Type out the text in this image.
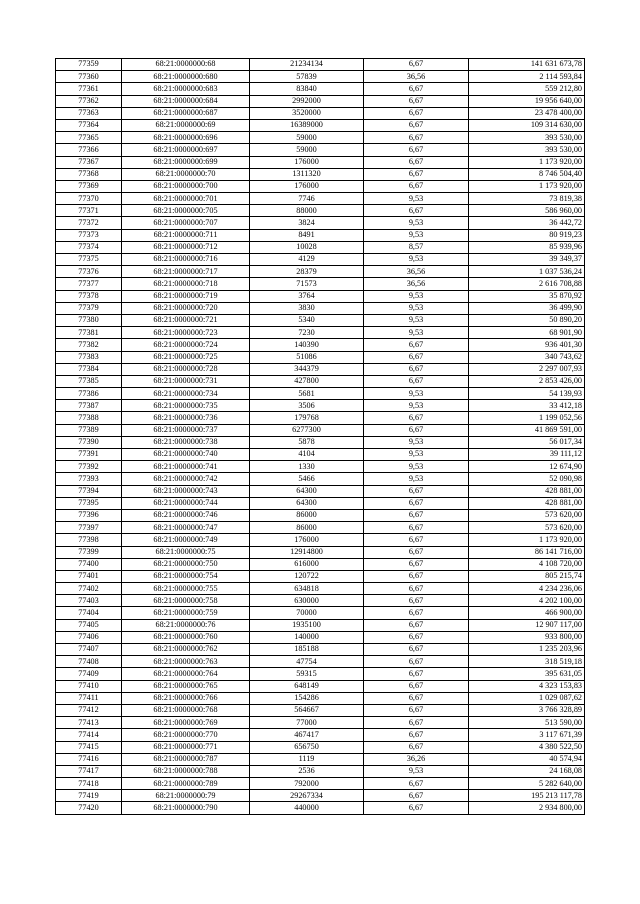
77359	68:21:0000000:68	21234134	6,67	141 631 673,78
77360	68:21:0000000:680	57839	36,56	2 114 593,84
77361	68:21:0000000:683	83840	6,67	559 212,80
77362	68:21:0000000:684	2992000	6,67	19 956 640,00
77363	68:21:0000000:687	3520000	6,67	23 478 400,00
77364	68:21:0000000:69	16389000	6,67	109 314 630,00
77365	68:21:0000000:696	59000	6,67	393 530,00
77366	68:21:0000000:697	59000	6,67	393 530,00
77367	68:21:0000000:699	176000	6,67	1 173 920,00
77368	68:21:0000000:70	1311320	6,67	8 746 504,40
77369	68:21:0000000:700	176000	6,67	1 173 920,00
77370	68:21:0000000:701	7746	9,53	73 819,38
77371	68:21:0000000:705	88000	6,67	586 960,00
77372	68:21:0000000:707	3824	9,53	36 442,72
77373	68:21:0000000:711	8491	9,53	80 919,23
77374	68:21:0000000:712	10028	8,57	85 939,96
77375	68:21:0000000:716	4129	9,53	39 349,37
77376	68:21:0000000:717	28379	36,56	1 037 536,24
77377	68:21:0000000:718	71573	36,56	2 616 708,88
77378	68:21:0000000:719	3764	9,53	35 870,92
77379	68:21:0000000:720	3830	9,53	36 499,90
77380	68:21:0000000:721	5340	9,53	50 890,20
77381	68:21:0000000:723	7230	9,53	68 901,90
77382	68:21:0000000:724	140390	6,67	936 401,30
77383	68:21:0000000:725	51086	6,67	340 743,62
77384	68:21:0000000:728	344379	6,67	2 297 007,93
77385	68:21:0000000:731	427800	6,67	2 853 426,00
77386	68:21:0000000:734	5681	9,53	54 139,93
77387	68:21:0000000:735	3506	9,53	33 412,18
77388	68:21:0000000:736	179768	6,67	1 199 052,56
77389	68:21:0000000:737	6277300	6,67	41 869 591,00
77390	68:21:0000000:738	5878	9,53	56 017,34
77391	68:21:0000000:740	4104	9,53	39 111,12
77392	68:21:0000000:741	1330	9,53	12 674,90
77393	68:21:0000000:742	5466	9,53	52 090,98
77394	68:21:0000000:743	64300	6,67	428 881,00
77395	68:21:0000000:744	64300	6,67	428 881,00
77396	68:21:0000000:746	86000	6,67	573 620,00
77397	68:21:0000000:747	86000	6,67	573 620,00
77398	68:21:0000000:749	176000	6,67	1 173 920,00
77399	68:21:0000000:75	12914800	6,67	86 141 716,00
77400	68:21:0000000:750	616000	6,67	4 108 720,00
77401	68:21:0000000:754	120722	6,67	805 215,74
77402	68:21:0000000:755	634818	6,67	4 234 236,06
77403	68:21:0000000:758	630000	6,67	4 202 100,00
77404	68:21:0000000:759	70000	6,67	466 900,00
77405	68:21:0000000:76	1935100	6,67	12 907 117,00
77406	68:21:0000000:760	140000	6,67	933 800,00
77407	68:21:0000000:762	185188	6,67	1 235 203,96
77408	68:21:0000000:763	47754	6,67	318 519,18
77409	68:21:0000000:764	59315	6,67	395 631,05
77410	68:21:0000000:765	648149	6,67	4 323 153,83
77411	68:21:0000000:766	154286	6,67	1 029 087,62
77412	68:21:0000000:768	564667	6,67	3 766 328,89
77413	68:21:0000000:769	77000	6,67	513 590,00
77414	68:21:0000000:770	467417	6,67	3 117 671,39
77415	68:21:0000000:771	656750	6,67	4 380 522,50
77416	68:21:0000000:787	1119	36,26	40 574,94
77417	68:21:0000000:788	2536	9,53	24 168,08
77418	68:21:0000000:789	792000	6,67	5 282 640,00
77419	68:21:0000000:79	29267334	6,67	195 213 117,78
77420	68:21:0000000:790	440000	6,67	2 934 800,00
